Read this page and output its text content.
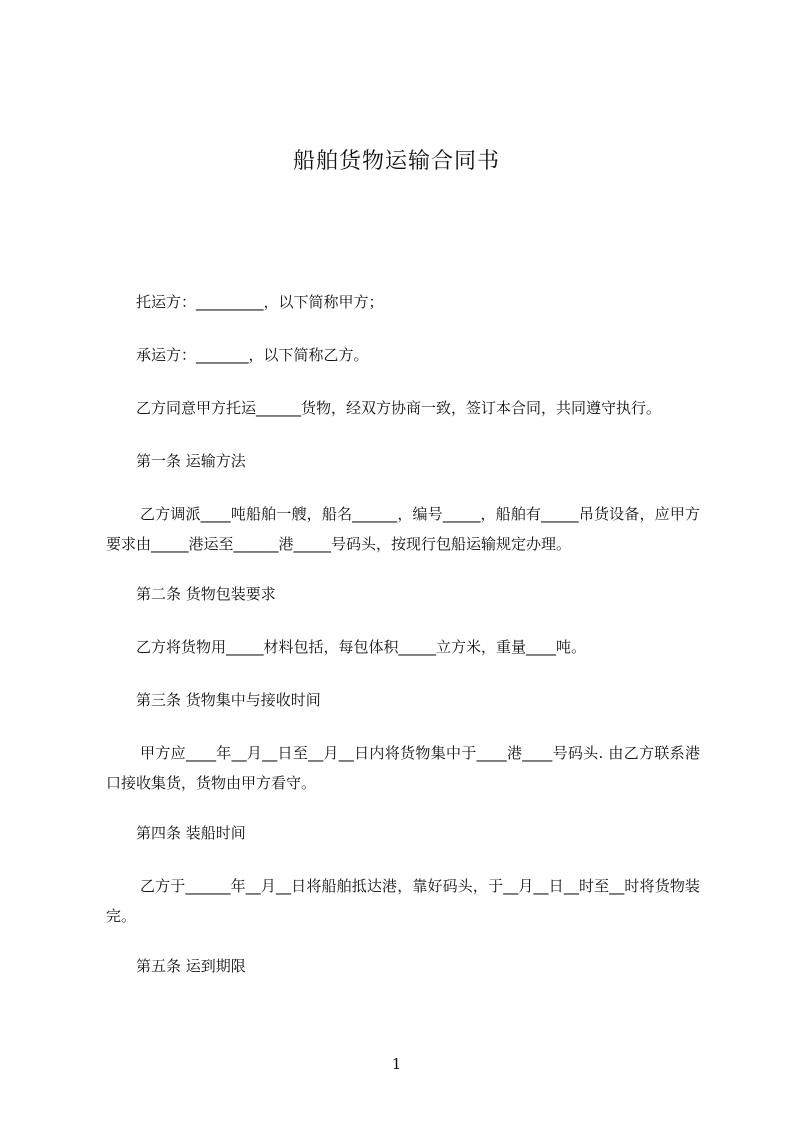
船舶货物运输合同书
托运方：_________，以下简称甲方；
承运方：_______，以下简称乙方。
乙方同意甲方托运______货物，经双方协商一致，签订本合同，共同遵守执行。
第一条 运输方法
乙方调派____吨船舶一艘，船名______，编号_____，船舶有_____吊货设备，应甲方要求由_____港运至______港_____号码头，按现行包船运输规定办理。
第二条 货物包装要求
乙方将货物用_____材料包括，每包体积_____立方米，重量____吨。
第三条 货物集中与接收时间
甲方应____年__月__日至__月__日内将货物集中于____港____号码头. 由乙方联系港口接收集货，货物由甲方看守。
第四条 装船时间
乙方于______年__月__日将船舶抵达港，靠好码头，于__月__日__时至__时将货物装完。
第五条 运到期限
1
